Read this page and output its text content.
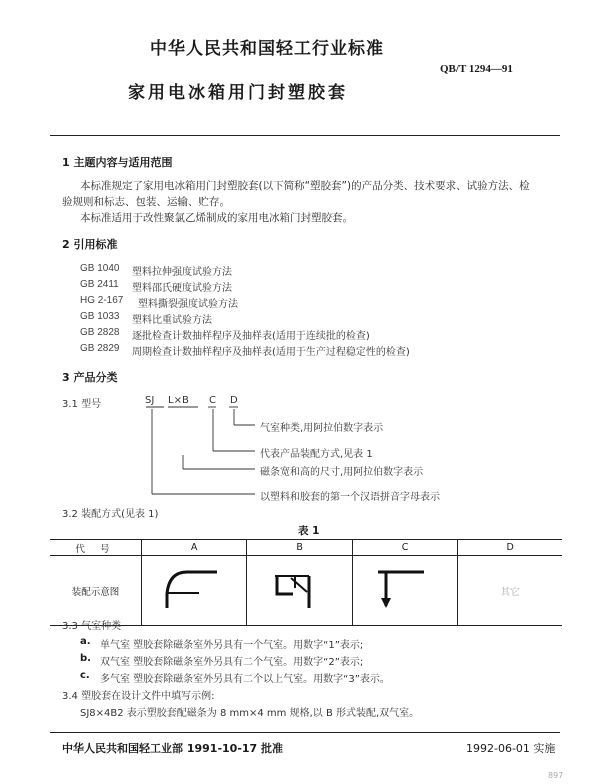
中华人民共和国轻工行业标准
QB/T 1294—91
家用电冰箱用门封塑胶套
1 主题内容与适用范围
本标准规定了家用电冰箱用门封塑胶套(以下简称“塑胶套”)的产品分类、技术要求、试验方法、检
验规则和标志、包装、运输、贮存。
本标准适用于改性聚氯乙烯制成的家用电冰箱门封塑胶套。
2 引用标准
GB 1040 塑料拉伸强度试验方法
GB 2411 塑料邵氏硬度试验方法
HG 2-167 塑料撕裂强度试验方法
GB 1033 塑料比重试验方法
GB 2828 逐批检查计数抽样程序及抽样表(适用于连续批的检查)
GB 2829 周期检查计数抽样程序及抽样表(适用于生产过程稳定性的检查)
3 产品分类
3.1 型号	SJ L×B C D
气室种类,用阿拉伯数字表示
代表产品装配方式,见表 1
磁条宽和高的尺寸,用阿拉伯数字表示
以塑料和胶套的第一个汉语拼音字母表示
3.2 装配方式(见表 1)
表 1
代 号	A	B	C	D
装配示意图				其它
3.3 气室种类
a. 单气室 塑胶套除磁条室外另具有一个气室。用数字“1”表示;
b. 双气室 塑胶套除磁条室外另具有二个气室。用数字“2”表示;
c. 多气室 塑胶套除磁条室外另具有二个以上气室。用数字“3”表示。
3.4 塑胶套在设计文件中填写示例:
SJ8×4B2 表示塑胶套配磁条为 8 mm×4 mm 规格,以 B 形式装配,双气室。
中华人民共和国轻工业部 1991-10-17 批准	1992-06-01 实施
897
